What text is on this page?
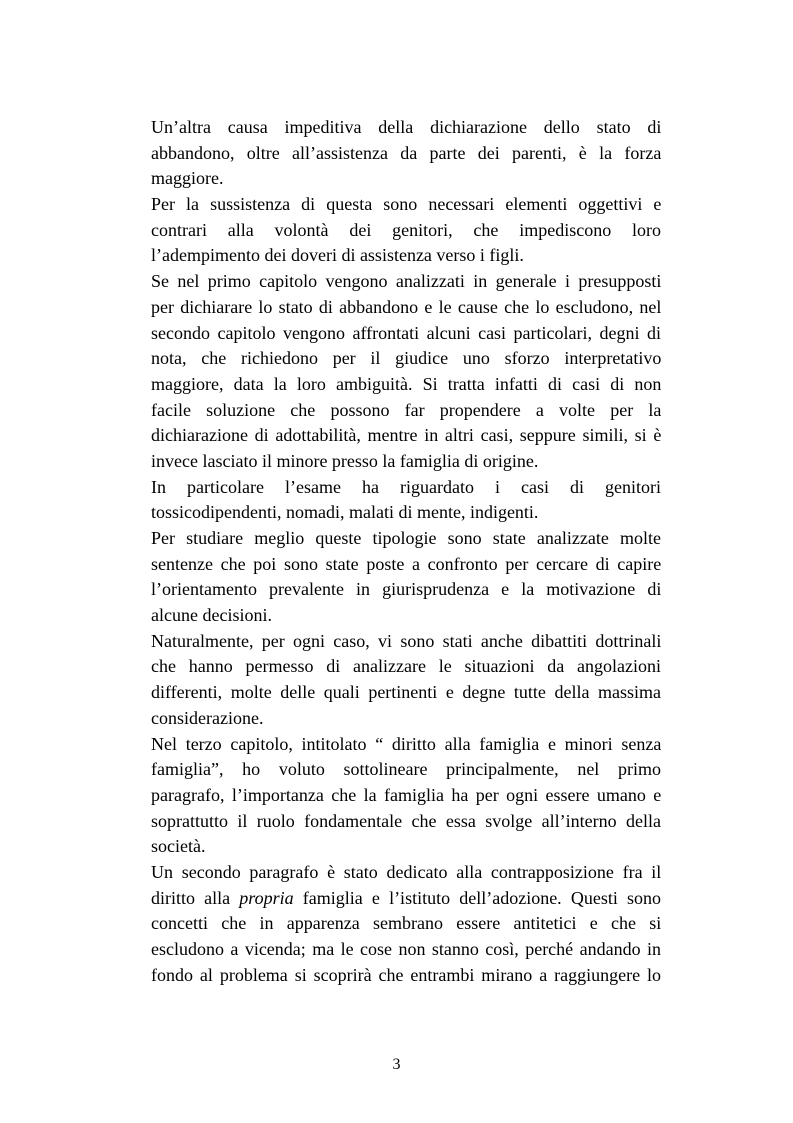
Un’altra causa impeditiva della dichiarazione dello stato di
abbandono, oltre all’assistenza da parte dei parenti, è la forza
maggiore.
Per la sussistenza di questa sono necessari elementi oggettivi e
contrari alla volontà dei genitori, che impediscono loro
l’adempimento dei doveri di assistenza verso i figli.
Se nel primo capitolo vengono analizzati in generale i presupposti
per dichiarare lo stato di abbandono e le cause che lo escludono, nel
secondo capitolo vengono affrontati alcuni casi particolari, degni di
nota, che richiedono per il giudice uno sforzo interpretativo
maggiore, data la loro ambiguità. Si tratta infatti di casi di non
facile soluzione che possono far propendere a volte per la
dichiarazione di adottabilità, mentre in altri casi, seppure simili, si è
invece lasciato il minore presso la famiglia di origine.
In particolare l’esame ha riguardato i casi di genitori
tossicodipendenti, nomadi, malati di mente, indigenti.
Per studiare meglio queste tipologie sono state analizzate molte
sentenze che poi sono state poste a confronto per cercare di capire
l’orientamento prevalente in giurisprudenza e la motivazione di
alcune decisioni.
Naturalmente, per ogni caso, vi sono stati anche dibattiti dottrinali
che hanno permesso di analizzare le situazioni da angolazioni
differenti, molte delle quali pertinenti e degne tutte della massima
considerazione.
Nel terzo capitolo, intitolato “ diritto alla famiglia e minori senza
famiglia”, ho voluto sottolineare principalmente, nel primo
paragrafo, l’importanza che la famiglia ha per ogni essere umano e
soprattutto il ruolo fondamentale che essa svolge all’interno della
società.
Un secondo paragrafo è stato dedicato alla contrapposizione fra il
diritto alla propria famiglia e l’istituto dell’adozione. Questi sono
concetti che in apparenza sembrano essere antitetici e che si
escludono a vicenda; ma le cose non stanno così, perché andando in
fondo al problema si scoprirà che entrambi mirano a raggiungere lo
3
